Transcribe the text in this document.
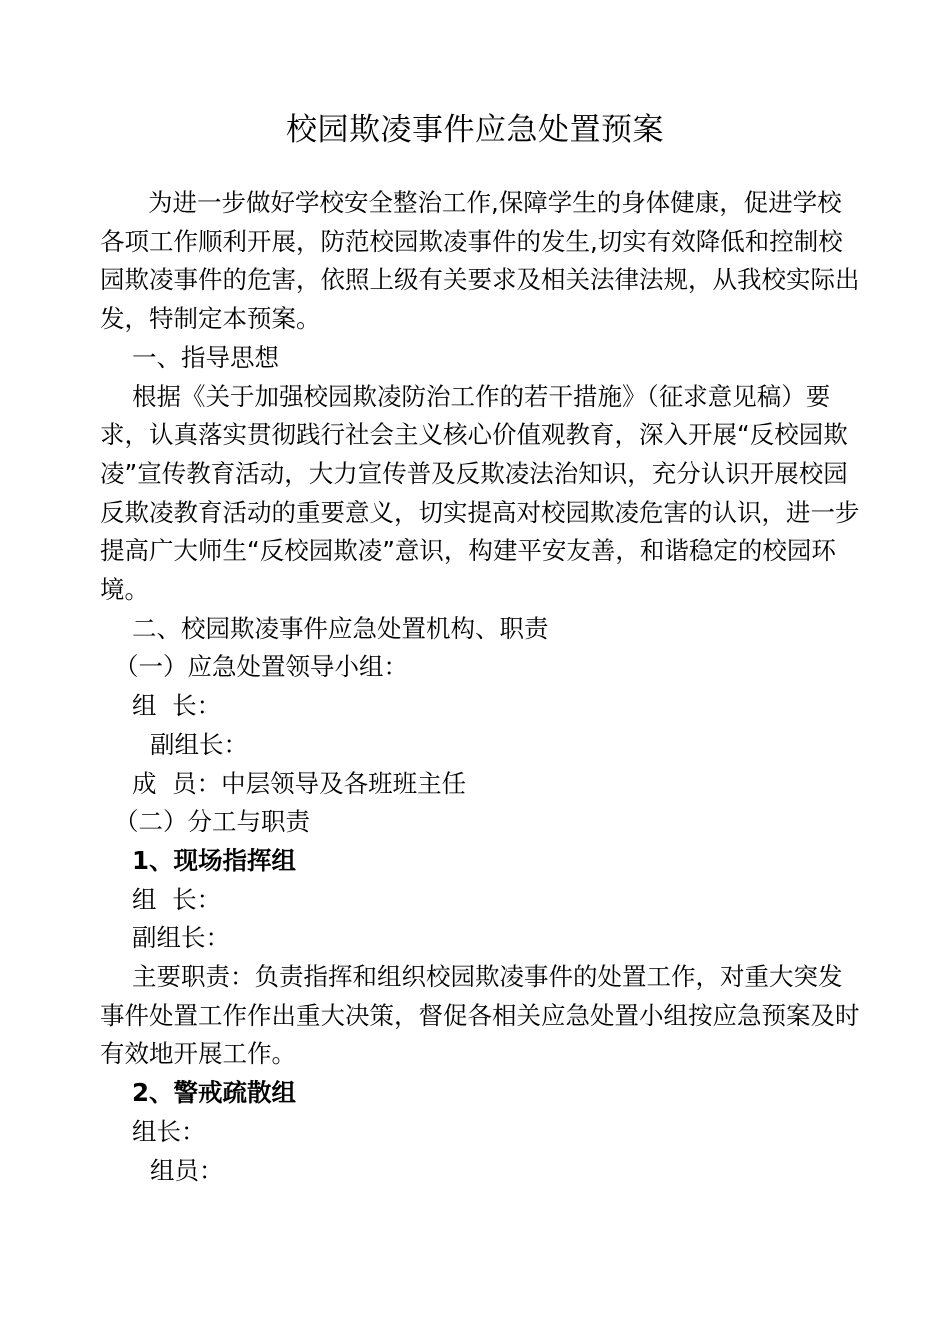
校园欺凌事件应急处置预案

为进一步做好学校安全整治工作,保障学生的身体健康，促进学校各项工作顺利开展，防范校园欺凌事件的发生,切实有效降低和控制校园欺凌事件的危害，依照上级有关要求及相关法律法规，从我校实际出发，特制定本预案。

一、指导思想

根据《关于加强校园欺凌防治工作的若干措施》（征求意见稿）要求，认真落实贯彻践行社会主义核心价值观教育，深入开展“反校园欺凌”宣传教育活动，大力宣传普及反欺凌法治知识，充分认识开展校园反欺凌教育活动的重要意义，切实提高对校园欺凌危害的认识，进一步提高广大师生“反校园欺凌”意识，构建平安友善，和谐稳定的校园环境。

二、校园欺凌事件应急处置机构、职责

（一）应急处置领导小组：

组  长：

副组长：

成  员：中层领导及各班班主任

（二）分工与职责

1、现场指挥组

组  长：

副组长：

主要职责：负责指挥和组织校园欺凌事件的处置工作，对重大突发事件处置工作作出重大决策，督促各相关应急处置小组按应急预案及时有效地开展工作。

2、警戒疏散组

组长：

组员：
